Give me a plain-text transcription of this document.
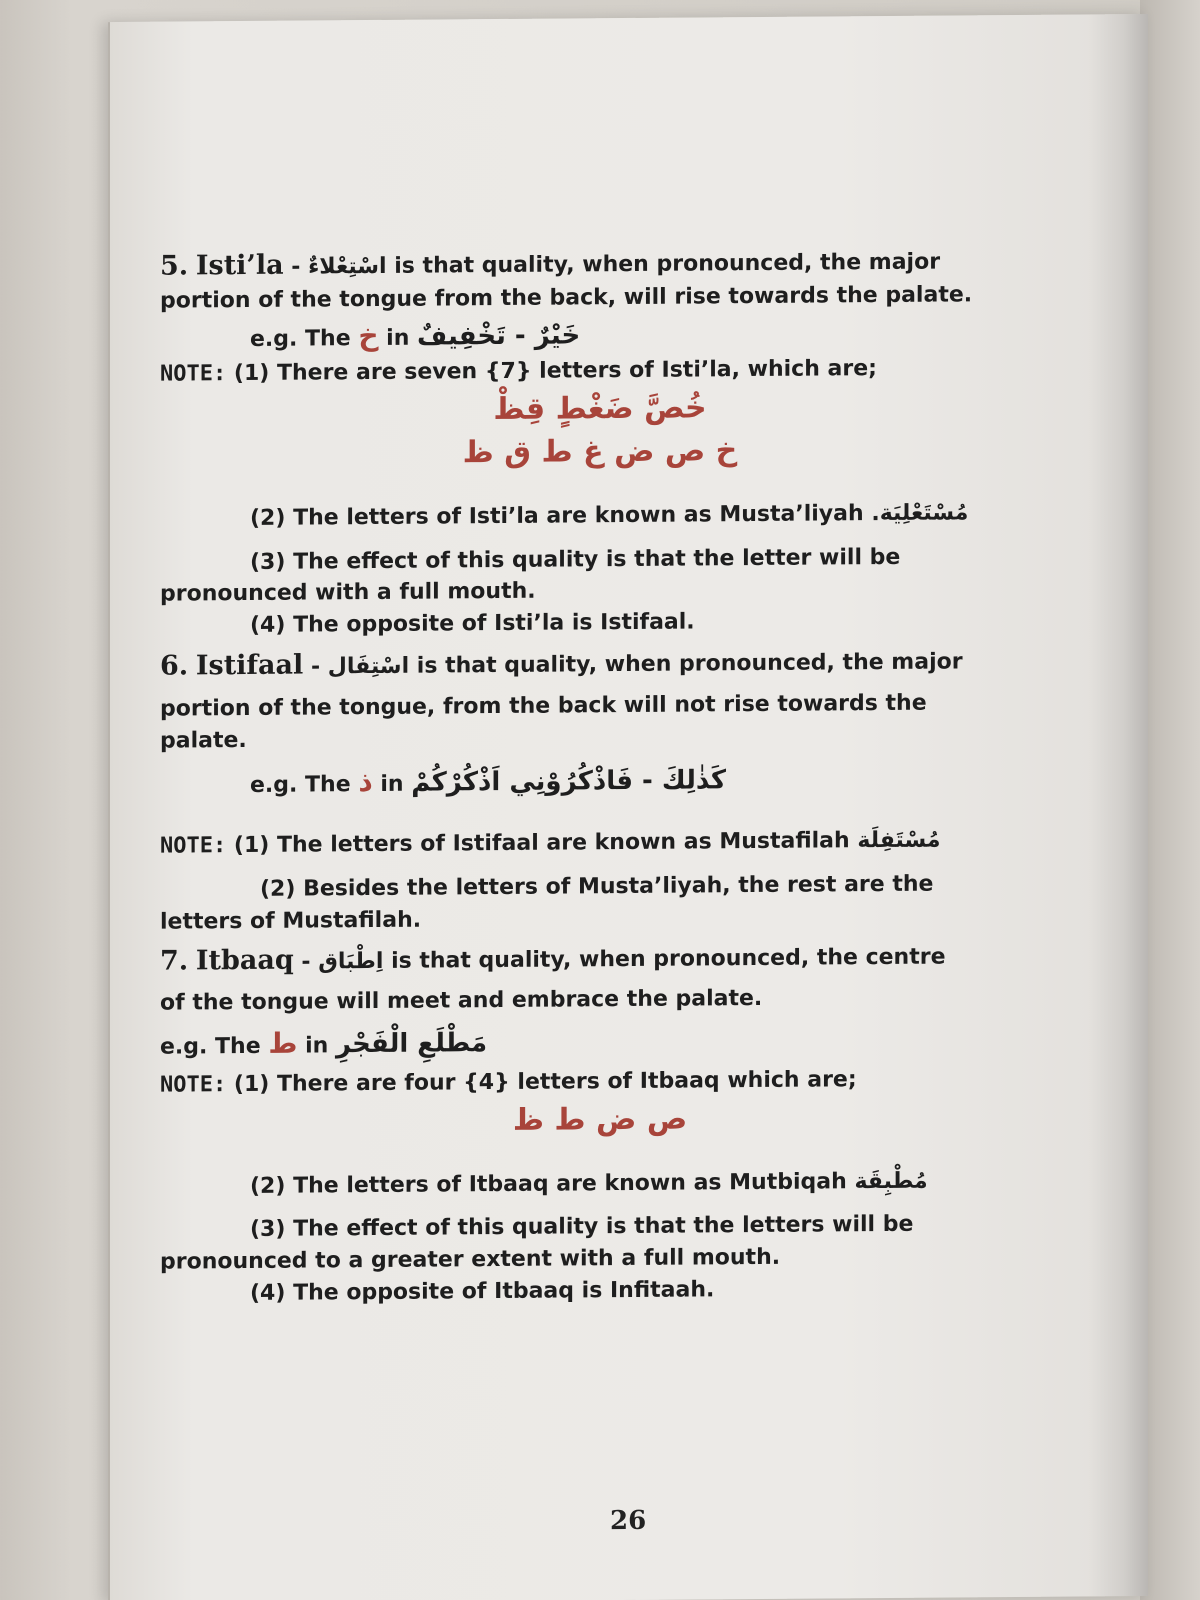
5. Isti’la - اسْتِعْلاءٌ is that quality, when pronounced, the major
portion of the tongue from the back, will rise towards the palate.
e.g. The خ in خَيْرٌ - تَخْفِيفٌ
NOTE: (1) There are seven {7} letters of Isti’la, which are;
خُصَّ ضَغْطٍ قِظْ
خ ص ض غ ط ق ظ
(2) The letters of Isti’la are known as Musta’liyah مُسْتَعْلِيَة.
(3) The effect of this quality is that the letter will be
pronounced with a full mouth.
(4) The opposite of Isti’la is Istifaal.
6. Istifaal - اسْتِفَال is that quality, when pronounced, the major
portion of the tongue, from the back will not rise towards the
palate.
e.g. The ذ in كَذٰلِكَ - فَاذْكُرُوْنِي اَذْكُرْكُمْ
NOTE: (1) The letters of Istifaal are known as Mustafilah مُسْتَفِلَة
(2) Besides the letters of Musta’liyah, the rest are the
letters of Mustafilah.
7. Itbaaq - اِطْبَاق is that quality, when pronounced, the centre
of the tongue will meet and embrace the palate.
e.g. The ط in مَطْلَعِ الْفَجْرِ
NOTE: (1) There are four {4} letters of Itbaaq which are;
ص ض ط ظ
(2) The letters of Itbaaq are known as Mutbiqah مُطْبِقَة
(3) The effect of this quality is that the letters will be
pronounced to a greater extent with a full mouth.
(4) The opposite of Itbaaq is Infitaah.
26
